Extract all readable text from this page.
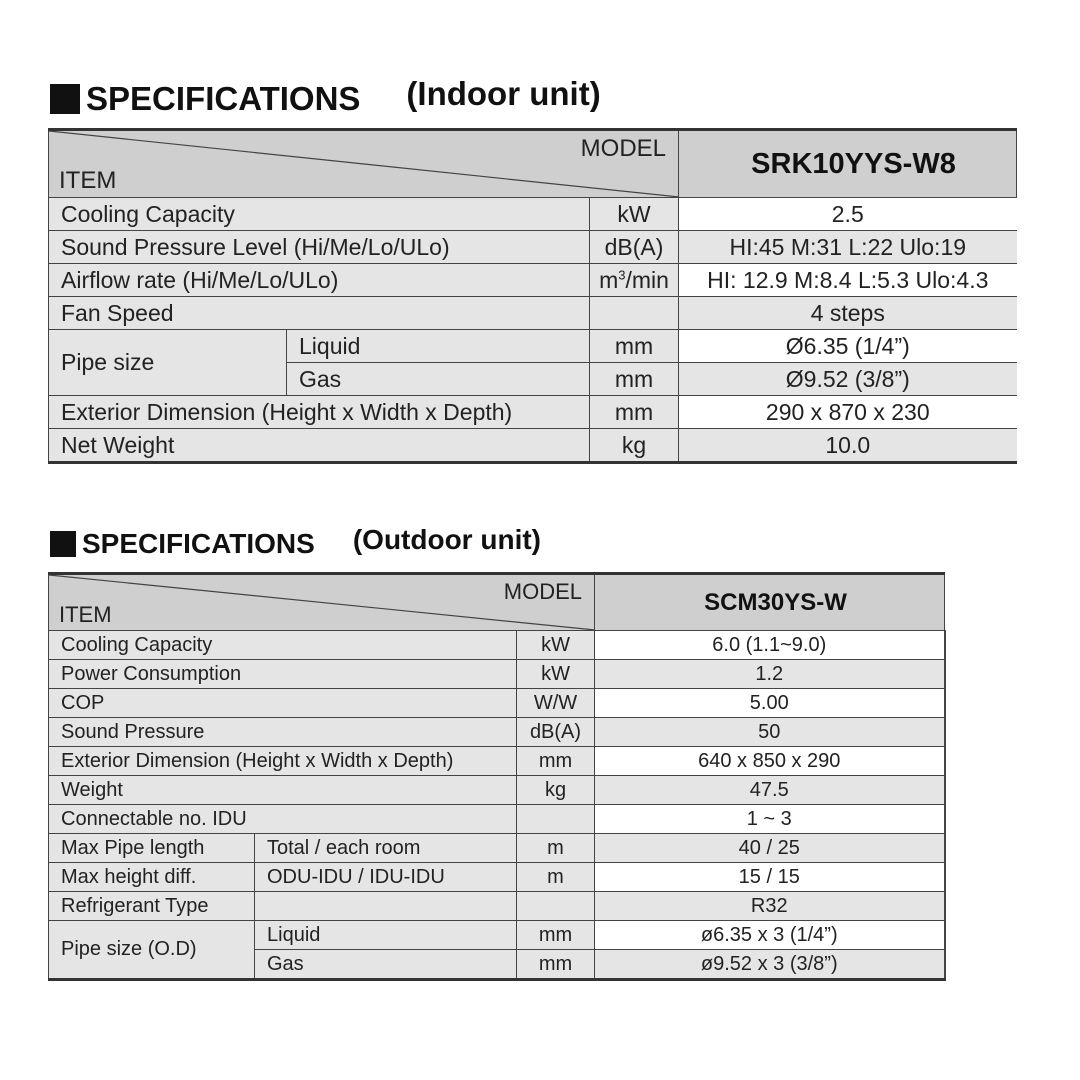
SPECIFICATIONS (Indoor unit)
ITEM
MODEL			SRK10YYS-W8
Cooling Capacity		kW	2.5
Sound Pressure Level (Hi/Me/Lo/ULo)		dB(A)	HI:45 M:31 L:22 Ulo:19
Airflow rate (Hi/Me/Lo/ULo)		$m^3/\min$	HI: 12.9 M:8.4 L:5.3 Ulo:4.3
Fan Speed			4 steps
Pipe size	Liquid	mm	Ø6.35 (1/4”)
	Gas	mm	Ø9.52 (3/8”)
Exterior Dimension (Height x Width x Depth)		mm	290 x 870 x 230
Net Weight		kg	10.0
SPECIFICATIONS (Outdoor unit)
ITEM
MODEL			SCM30YS-W
Cooling Capacity		kW	6.0 (1.1~9.0)
Power Consumption		kW	1.2
COP		W/W	5.00
Sound Pressure		dB(A)	50
Exterior Dimension (Height x Width x Depth)		mm	640 x 850 x 290
Weight		kg	47.5
Connectable no. IDU			1 ~ 3
Max Pipe length	Total / each room	m	40 / 25
Max height diff.	ODU-IDU / IDU-IDU	m	15 / 15
Refrigerant Type			R32
Pipe size (O.D)	Liquid	mm	ø6.35 x 3 (1/4”)
	Gas	mm	ø9.52 x 3 (3/8”)
